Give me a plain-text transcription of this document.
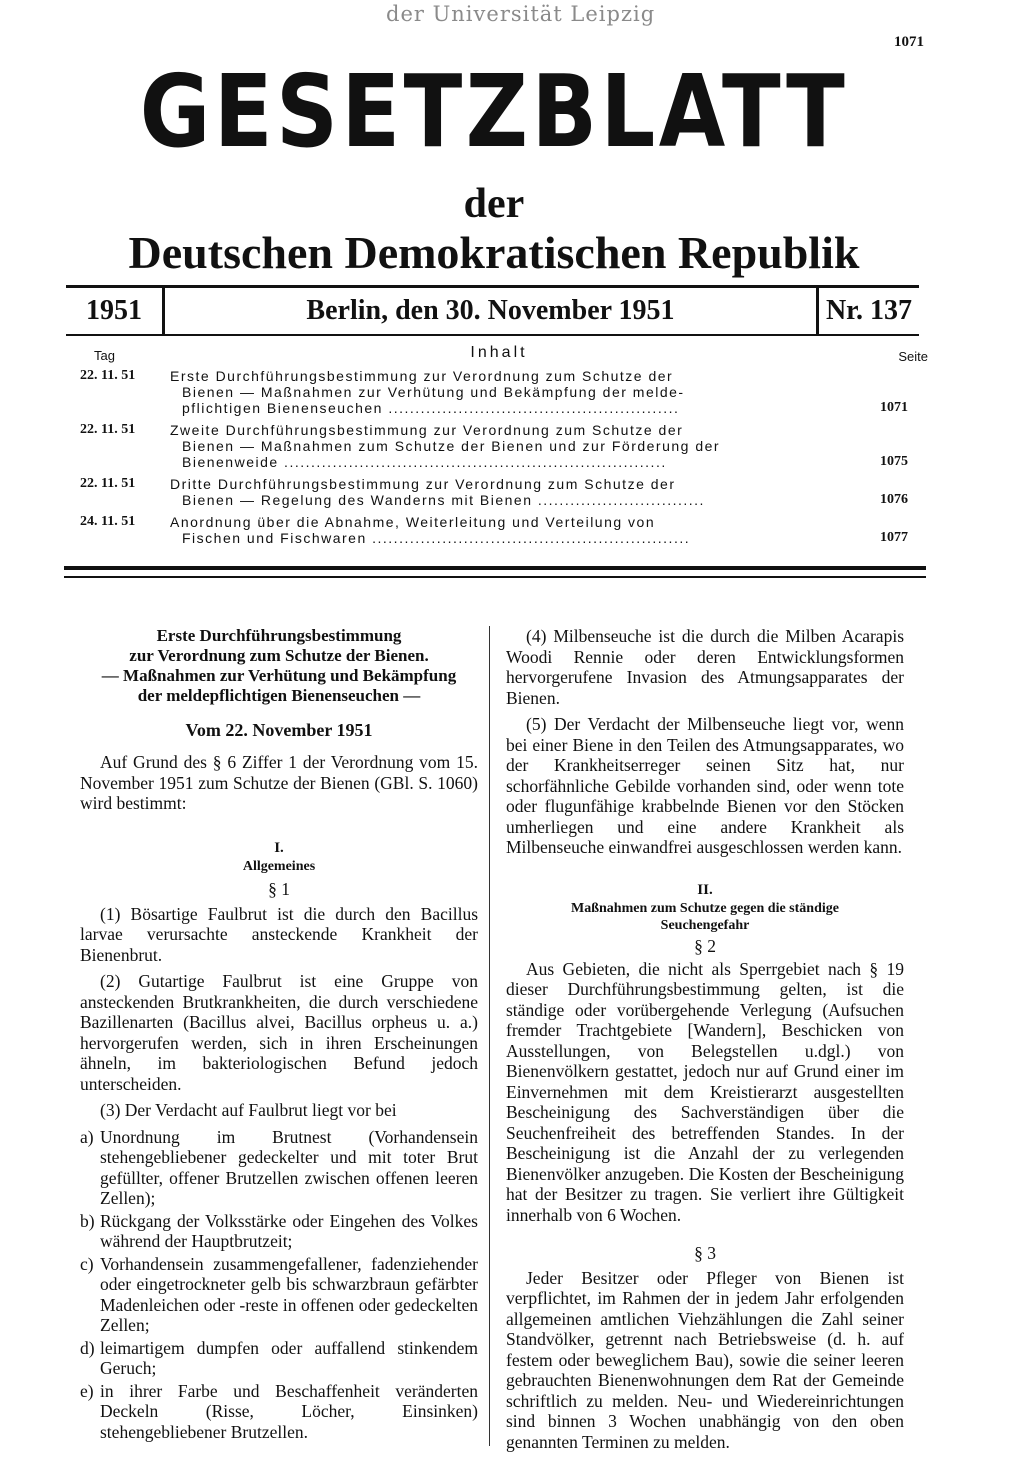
der Universität Leipzig
1071
GESETZBLATT
der
Deutschen Demokratischen Republik
1951	Berlin, den 30. November 1951	Nr. 137
Tag	Inhalt	Seite
22. 11. 51 Erste Durchführungsbestimmung zur Verordnung zum Schutze der
Bienen — Maßnahmen zur Verhütung und Bekämpfung der melde-
pflichtigen Bienenseuchen ......................................................	1071
22. 11. 51 Zweite Durchführungsbestimmung zur Verordnung zum Schutze der
Bienen — Maßnahmen zum Schutze der Bienen und zur Förderung der
Bienenweide .......................................................................	1075
22. 11. 51 Dritte Durchführungsbestimmung zur Verordnung zum Schutze der
Bienen — Regelung des Wanderns mit Bienen ...............................	1076
24. 11. 51 Anordnung über die Abnahme, Weiterleitung und Verteilung von
Fischen und Fischwaren ...........................................................	1077
Erste Durchführungsbestimmung
zur Verordnung zum Schutze der Bienen.
— Maßnahmen zur Verhütung und Bekämpfung
der meldepflichtigen Bienenseuchen —
Vom 22. November 1951

Auf Grund des § 6 Ziffer 1 der Verordnung vom 15. November 1951 zum Schutze der Bienen (GBl. S. 1060) wird bestimmt:

I.
Allgemeines
§ 1

(1) Bösartige Faulbrut ist die durch den Bacillus larvae verursachte ansteckende Krankheit der Bienenbrut.

(2) Gutartige Faulbrut ist eine Gruppe von ansteckenden Brutkrankheiten, die durch verschiedene Bazillenarten (Bacillus alvei, Bacillus orpheus u. a.) hervorgerufen werden, sich in ihren Erscheinungen ähneln, im bakteriologischen Befund jedoch unterscheiden.

(3) Der Verdacht auf Faulbrut liegt vor bei

a) Unordnung im Brutnest (Vorhandensein stehengebliebener gedeckelter und mit toter Brut gefüllter, offener Brutzellen zwischen offenen leeren Zellen);
b) Rückgang der Volksstärke oder Eingehen des Volkes während der Hauptbrutzeit;
c) Vorhandensein zusammengefallener, fadenziehender oder eingetrockneter gelb bis schwarzbraun gefärbter Madenleichen oder -reste in offenen oder gedeckelten Zellen;
d) leimartigem dumpfen oder auffallend stinkendem Geruch;
e) in ihrer Farbe und Beschaffenheit veränderten Deckeln (Risse, Löcher, Einsinken) stehengebliebener Brutzellen.

(4) Milbenseuche ist die durch die Milben Acarapis Woodi Rennie oder deren Entwicklungsformen hervorgerufene Invasion des Atmungsapparates der Bienen.

(5) Der Verdacht der Milbenseuche liegt vor, wenn bei einer Biene in den Teilen des Atmungsapparates, wo der Krankheitserreger seinen Sitz hat, nur schorfähnliche Gebilde vorhanden sind, oder wenn tote oder flugunfähige krabbelnde Bienen vor den Stöcken umherliegen und eine andere Krankheit als Milbenseuche einwandfrei ausgeschlossen werden kann.

II.
Maßnahmen zum Schutze gegen die ständige
Seuchengefahr
§ 2

Aus Gebieten, die nicht als Sperrgebiet nach § 19 dieser Durchführungsbestimmung gelten, ist die ständige oder vorübergehende Verlegung (Aufsuchen fremder Trachtgebiete [Wandern], Beschicken von Ausstellungen, von Belegstellen u.dgl.) von Bienenvölkern gestattet, jedoch nur auf Grund einer im Einvernehmen mit dem Kreistierarzt ausgestellten Bescheinigung des Sachverständigen über die Seuchenfreiheit des betreffenden Standes. In der Bescheinigung ist die Anzahl der zu verlegenden Bienenvölker anzugeben. Die Kosten der Bescheinigung hat der Besitzer zu tragen. Sie verliert ihre Gültigkeit innerhalb von 6 Wochen.

§ 3

Jeder Besitzer oder Pfleger von Bienen ist verpflichtet, im Rahmen der in jedem Jahr erfolgenden allgemeinen amtlichen Viehzählungen die Zahl seiner Standvölker, getrennt nach Betriebsweise (d. h. auf festem oder beweglichem Bau), sowie die seiner leeren gebrauchten Bienenwohnungen dem Rat der Gemeinde schriftlich zu melden. Neu- und Wiedereinrichtungen sind binnen 3 Wochen unabhängig von den oben genannten Terminen zu melden.
